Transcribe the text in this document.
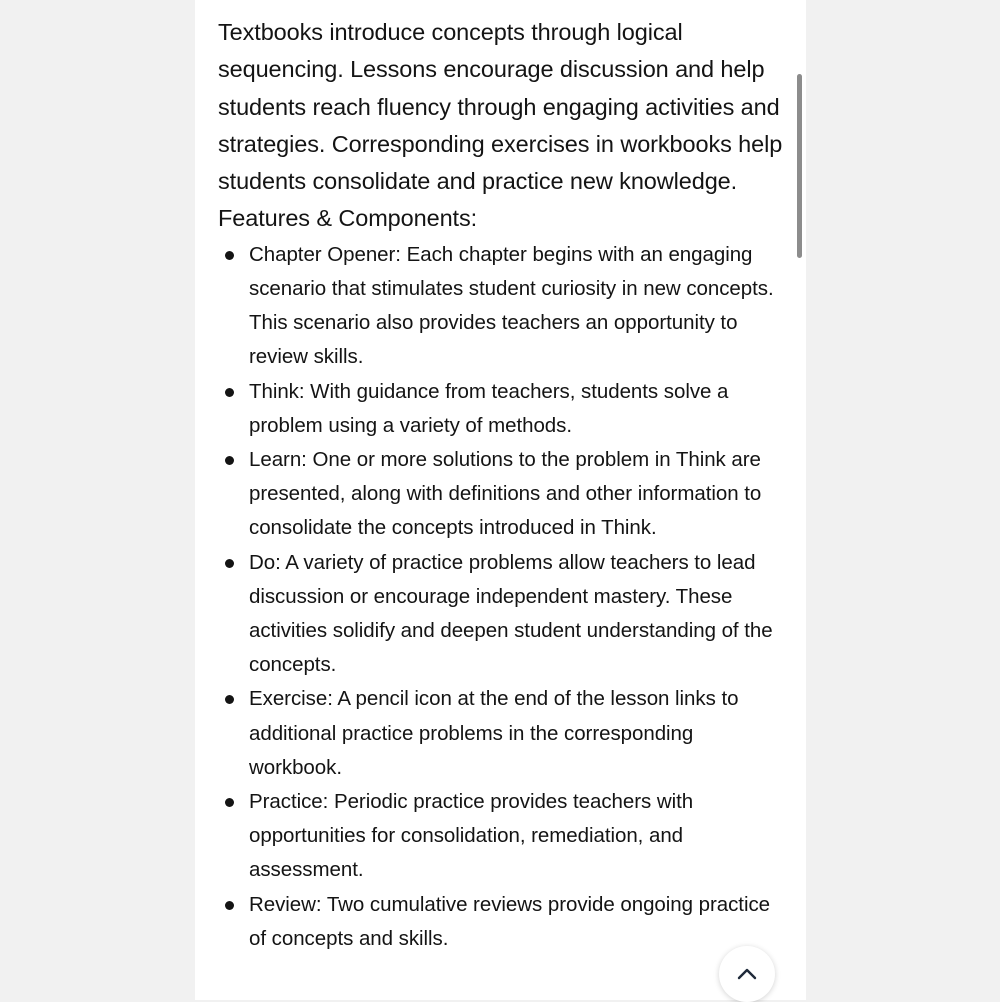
Textbooks introduce concepts through logical sequencing. Lessons encourage discussion and help students reach fluency through engaging activities and strategies. Corresponding exercises in workbooks help students consolidate and practice new knowledge. Features & Components:

Chapter Opener: Each chapter begins with an engaging scenario that stimulates student curiosity in new concepts. This scenario also provides teachers an opportunity to review skills.
Think: With guidance from teachers, students solve a problem using a variety of methods.
Learn: One or more solutions to the problem in Think are presented, along with definitions and other information to consolidate the concepts introduced in Think.
Do: A variety of practice problems allow teachers to lead discussion or encourage independent mastery. These activities solidify and deepen student understanding of the concepts.
Exercise: A pencil icon at the end of the lesson links to additional practice problems in the corresponding workbook.
Practice: Periodic practice provides teachers with opportunities for consolidation, remediation, and assessment.
Review: Two cumulative reviews provide ongoing practice of concepts and skills.
